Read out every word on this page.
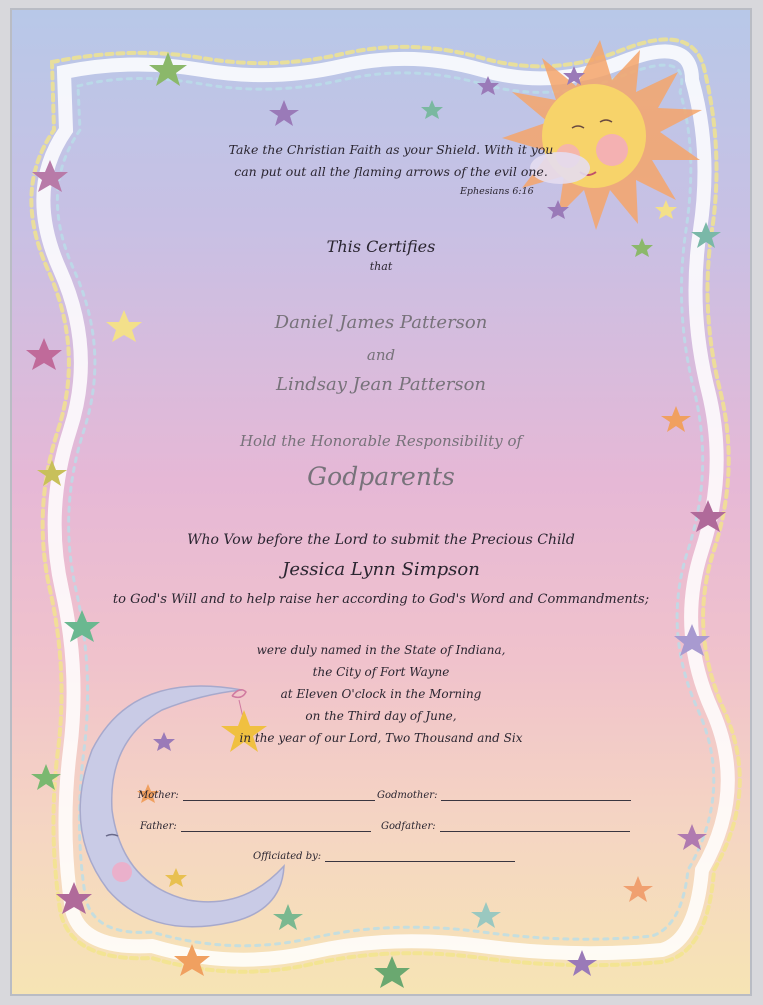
Take the Christian Faith as your Shield. With it you
can put out all the flaming arrows of the evil one.
Ephesians 6:16
This Certifies
that
Daniel James Patterson
and
Lindsay Jean Patterson
Hold the Honorable Responsibility of
Godparents
Who Vow before the Lord to submit the Precious Child
Jessica Lynn Simpson
to God's Will and to help raise her according to God's Word and Commandments;
were duly named in the State of Indiana,
the City of Fort Wayne
at Eleven O'clock in the Morning
on the Third day of June,
in the year of our Lord, Two Thousand and Six
Mother:	Godmother:
Father:	Godfather:
Officiated by:
